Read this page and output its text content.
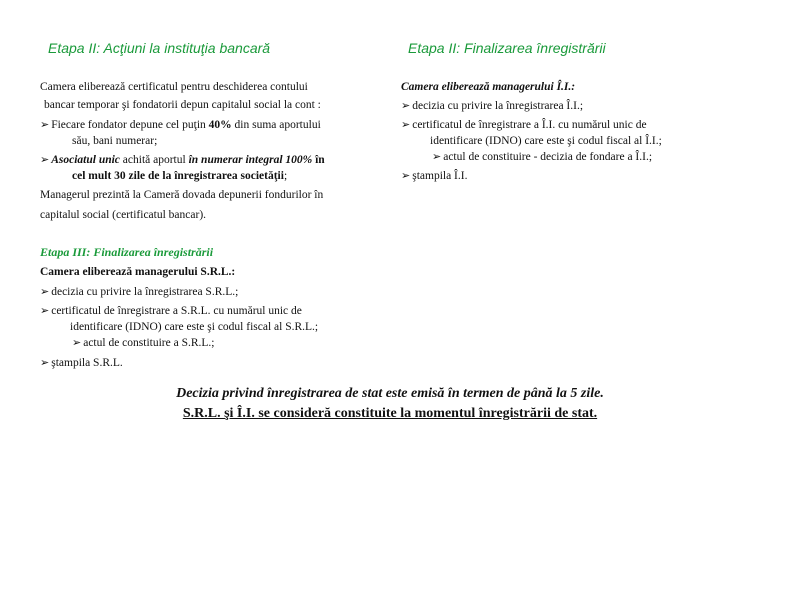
Etapa II: Acţiuni la instituţia bancară
Camera eliberează certificatul pentru deschiderea contului
bancar temporar şi fondatorii depun capitalul social la cont :
➢ Fiecare fondator depune cel puţin 40% din suma aportului
său, bani numerar;
➢ Asociatul unic achită aportul în numerar integral 100% în
cel mult 30 zile de la înregistrarea societăţii;
Managerul prezintă la Cameră dovada depunerii fondurilor în
capitalul social (certificatul bancar).
Etapa III: Finalizarea înregistrării
Camera eliberează managerului S.R.L.:
➢ decizia cu privire la înregistrarea S.R.L.;
➢ certificatul de înregistrare a S.R.L. cu numărul unic de
identificare (IDNO) care este şi codul fiscal al S.R.L.;
➢ actul de constituire a S.R.L.;
➢ ştampila S.R.L.
Etapa II: Finalizarea înregistrării
Camera eliberează managerului Î.I.:
➢ decizia cu privire la înregistrarea Î.I.;
➢ certificatul de înregistrare a Î.I. cu numărul unic de
identificare (IDNO) care este şi codul fiscal al Î.I.;
➢ actul de constituire - decizia de fondare a Î.I.;
➢ ştampila Î.I.
Decizia privind înregistrarea de stat este emisă în termen de până la 5 zile.
S.R.L. şi Î.I. se consideră constituite la momentul înregistrării de stat.
